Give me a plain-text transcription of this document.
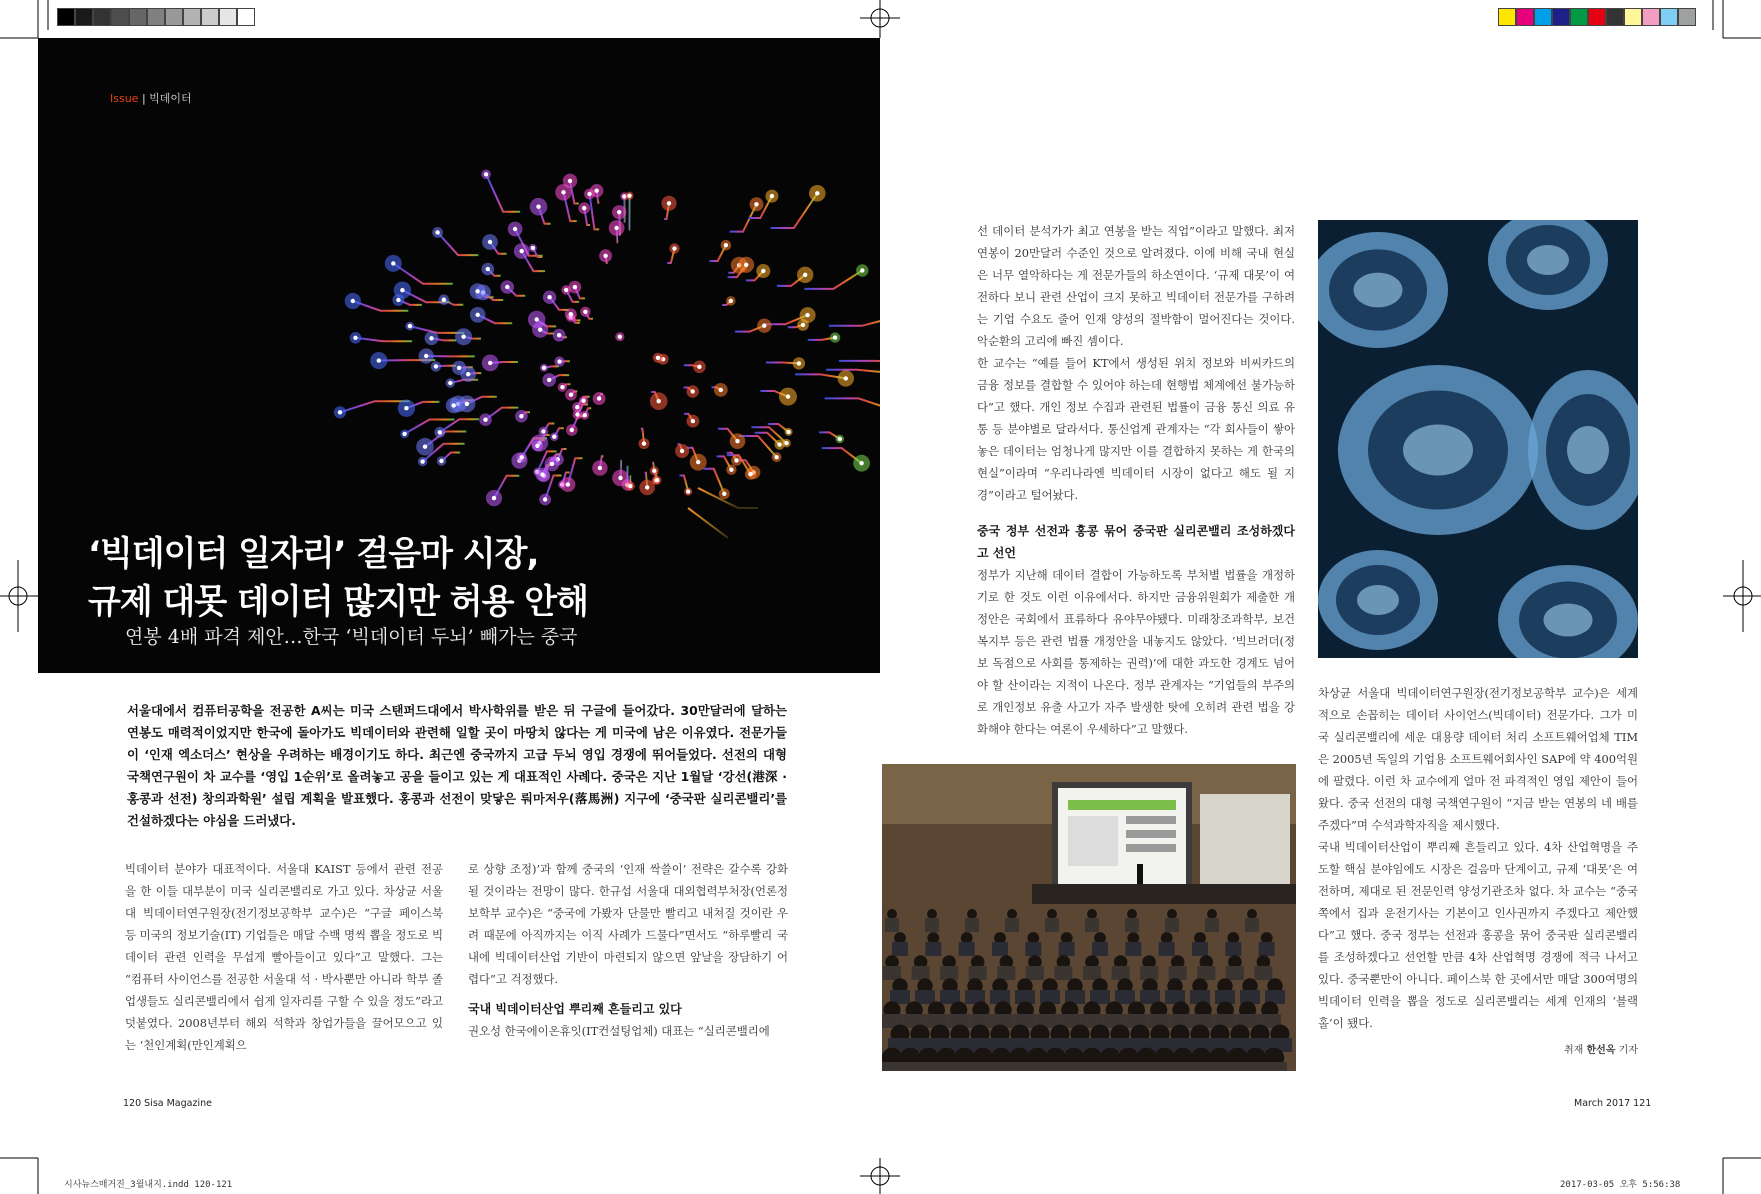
Issue | 빅데이터
‘빅데이터 일자리’ 걸음마 시장,
규제 대못 데이터 많지만 허용 안해
연봉 4배 파격 제안…한국 ‘빅데이터 두뇌’ 빼가는 중국
서울대에서 컴퓨터공학을 전공한 A씨는 미국 스탠퍼드대에서 박사학위를 받은 뒤 구글에 들어갔다. 30만달러에 달하는 연봉도 매력적이었지만 한국에 돌아가도 빅데이터와 관련해 일할 곳이 마땅치 않다는 게 미국에 남은 이유였다. 전문가들이 ‘인재 엑소더스’ 현상을 우려하는 배경이기도 하다. 최근엔 중국까지 고급 두뇌 영입 경쟁에 뛰어들었다. 선전의 대형 국책연구원이 차 교수를 ‘영입 1순위’로 올려놓고 공을 들이고 있는 게 대표적인 사례다. 중국은 지난 1월달 ‘강선(港深 · 홍콩과 선전) 창의과학원’ 설립 계획을 발표했다. 홍콩과 선전이 맞닿은 뤄마저우(落馬洲) 지구에 ‘중국판 실리콘밸리’를 건설하겠다는 야심을 드러냈다.

빅데이터 분야가 대표적이다. 서울대 KAIST 등에서 관련 전공을 한 이들 대부분이 미국 실리콘밸리로 가고 있다. 차상균 서울대 빅데이터연구원장(전기정보공학부 교수)은 “구글 페이스북 등 미국의 정보기술(IT) 기업들은 매달 수백 명씩 뽑을 정도로 빅데이터 관련 인력을 무섭게 빨아들이고 있다”고 말했다. 그는 “컴퓨터 사이언스를 전공한 서울대 석 · 박사뿐만 아니라 학부 졸업생들도 실리콘밸리에서 쉽게 일자리를 구할 수 있을 정도”라고 덧붙였다. 2008년부터 해외 석학과 창업가들을 끌어모으고 있는 ‘천인계획(만인계획으

로 상향 조정)’과 함께 중국의 ‘인재 싹쓸이’ 전략은 갈수록 강화될 것이라는 전망이 많다. 한규섭 서울대 대외협력부처장(언론정보학부 교수)은 “중국에 가봤자 단물만 빨리고 내쳐질 것이란 우려 때문에 아직까지는 이직 사례가 드물다”면서도 “하루빨리 국내에 빅데이터산업 기반이 마련되지 않으면 앞날을 장담하기 어렵다”고 걱정했다.

국내 빅데이터산업 뿌리째 흔들리고 있다

권오성 한국에이온휴잇(IT컨설팅업체) 대표는 “실리콘밸리에

선 데이터 분석가가 최고 연봉을 받는 직업”이라고 말했다. 최저 연봉이 20만달러 수준인 것으로 알려졌다. 이에 비해 국내 현실은 너무 열악하다는 게 전문가들의 하소연이다. ‘규제 대못’이 여전하다 보니 관련 산업이 크지 못하고 빅데이터 전문가를 구하려는 기업 수요도 줄어 인재 양성의 절박함이 멀어진다는 것이다. 악순환의 고리에 빠진 셈이다.

한 교수는 “예를 들어 KT에서 생성된 위치 정보와 비씨카드의 금융 정보를 결합할 수 있어야 하는데 현행법 체계에선 불가능하다”고 했다. 개인 정보 수집과 관련된 법률이 금융 통신 의료 유통 등 분야별로 달라서다. 통신업계 관계자는 “각 회사들이 쌓아 놓은 데이터는 엄청나게 많지만 이를 결합하지 못하는 게 한국의 현실”이라며 “우리나라엔 빅데이터 시장이 없다고 해도 될 지경”이라고 털어놨다.

중국 정부 선전과 홍콩 묶어 중국판 실리콘밸리 조성하겠다고 선언

정부가 지난해 데이터 결합이 가능하도록 부처별 법률을 개정하기로 한 것도 이런 이유에서다. 하지만 금융위원회가 제출한 개정안은 국회에서 표류하다 유야무야됐다. 미래창조과학부, 보건복지부 등은 관련 법률 개정안을 내놓지도 않았다. ‘빅브러더(정보 독점으로 사회를 통제하는 권력)’에 대한 과도한 경계도 넘어야 할 산이라는 지적이 나온다. 정부 관계자는 “기업들의 부주의로 개인정보 유출 사고가 자주 발생한 탓에 오히려 관련 법을 강화해야 한다는 여론이 우세하다”고 말했다.

차상균 서울대 빅데이터연구원장(전기정보공학부 교수)은 세계적으로 손꼽히는 데이터 사이언스(빅데이터) 전문가다. 그가 미국 실리콘밸리에 세운 대용량 데이터 처리 소프트웨어업체 TIM은 2005년 독일의 기업용 소프트웨어회사인 SAP에 약 400억원에 팔렸다. 이런 차 교수에게 얼마 전 파격적인 영입 제안이 들어왔다. 중국 선전의 대형 국책연구원이 “지금 받는 연봉의 네 배를 주겠다”며 수석과학자직을 제시했다.

국내 빅데이터산업이 뿌리째 흔들리고 있다. 4차 산업혁명을 주도할 핵심 분야임에도 시장은 걸음마 단계이고, 규제 ‘대못’은 여전하며, 제대로 된 전문인력 양성기관조차 없다. 차 교수는 “중국 쪽에서 집과 운전기사는 기본이고 인사권까지 주겠다고 제안했다”고 했다. 중국 정부는 선전과 홍콩을 묶어 중국판 실리콘밸리를 조성하겠다고 선언할 만큼 4차 산업혁명 경쟁에 적극 나서고 있다. 중국뿐만이 아니다. 페이스북 한 곳에서만 매달 300여명의 빅데이터 인력을 뽑을 정도로 실리콘밸리는 세계 인재의 ‘블랙홀’이 됐다.

취재 한선옥 기자

120 Sisa Magazine	March 2017 121
시사뉴스매거진_3월내지.indd 120-121	2017-03-05 오후 5:56:38
